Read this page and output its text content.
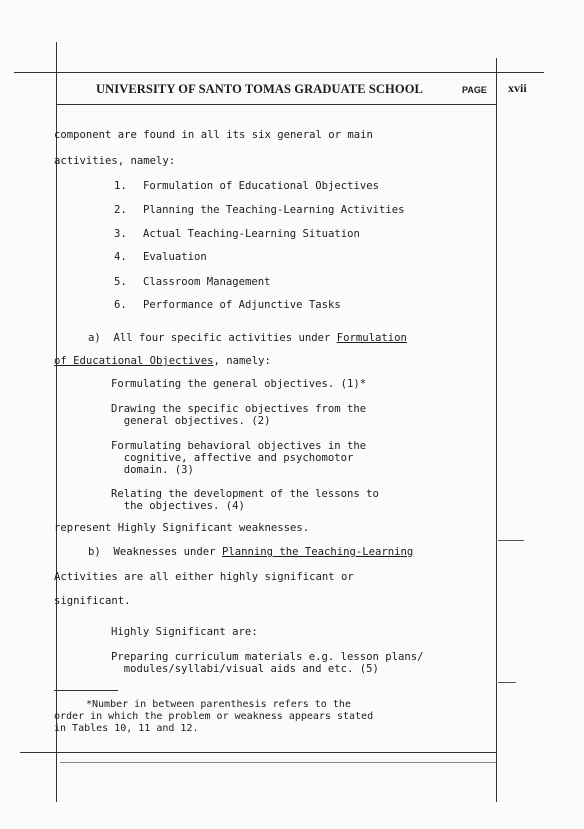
UNIVERSITY OF SANTO TOMAS GRADUATE SCHOOL	PAGE xvii
component are found in all its six general or main
activities, namely:
1. Formulation of Educational Objectives
2. Planning the Teaching-Learning Activities
3. Actual Teaching-Learning Situation
4. Evaluation
5. Classroom Management
6. Performance of Adjunctive Tasks
a)  All four specific activities under Formulation
of Educational Objectives, namely:
Formulating the general objectives. (1)*
Drawing the specific objectives from the
general objectives. (2)
Formulating behavioral objectives in the
cognitive, affective and psychomotor
domain. (3)
Relating the development of the lessons to
the objectives. (4)
represent Highly Significant weaknesses.
b)  Weaknesses under Planning the Teaching-Learning
Activities are all either highly significant or
significant.
Highly Significant are:
Preparing curriculum materials e.g. lesson plans/
modules/syllabi/visual aids and etc. (5)
*Number in between parenthesis refers to the
order in which the problem or weakness appears stated
in Tables 10, 11 and 12.
